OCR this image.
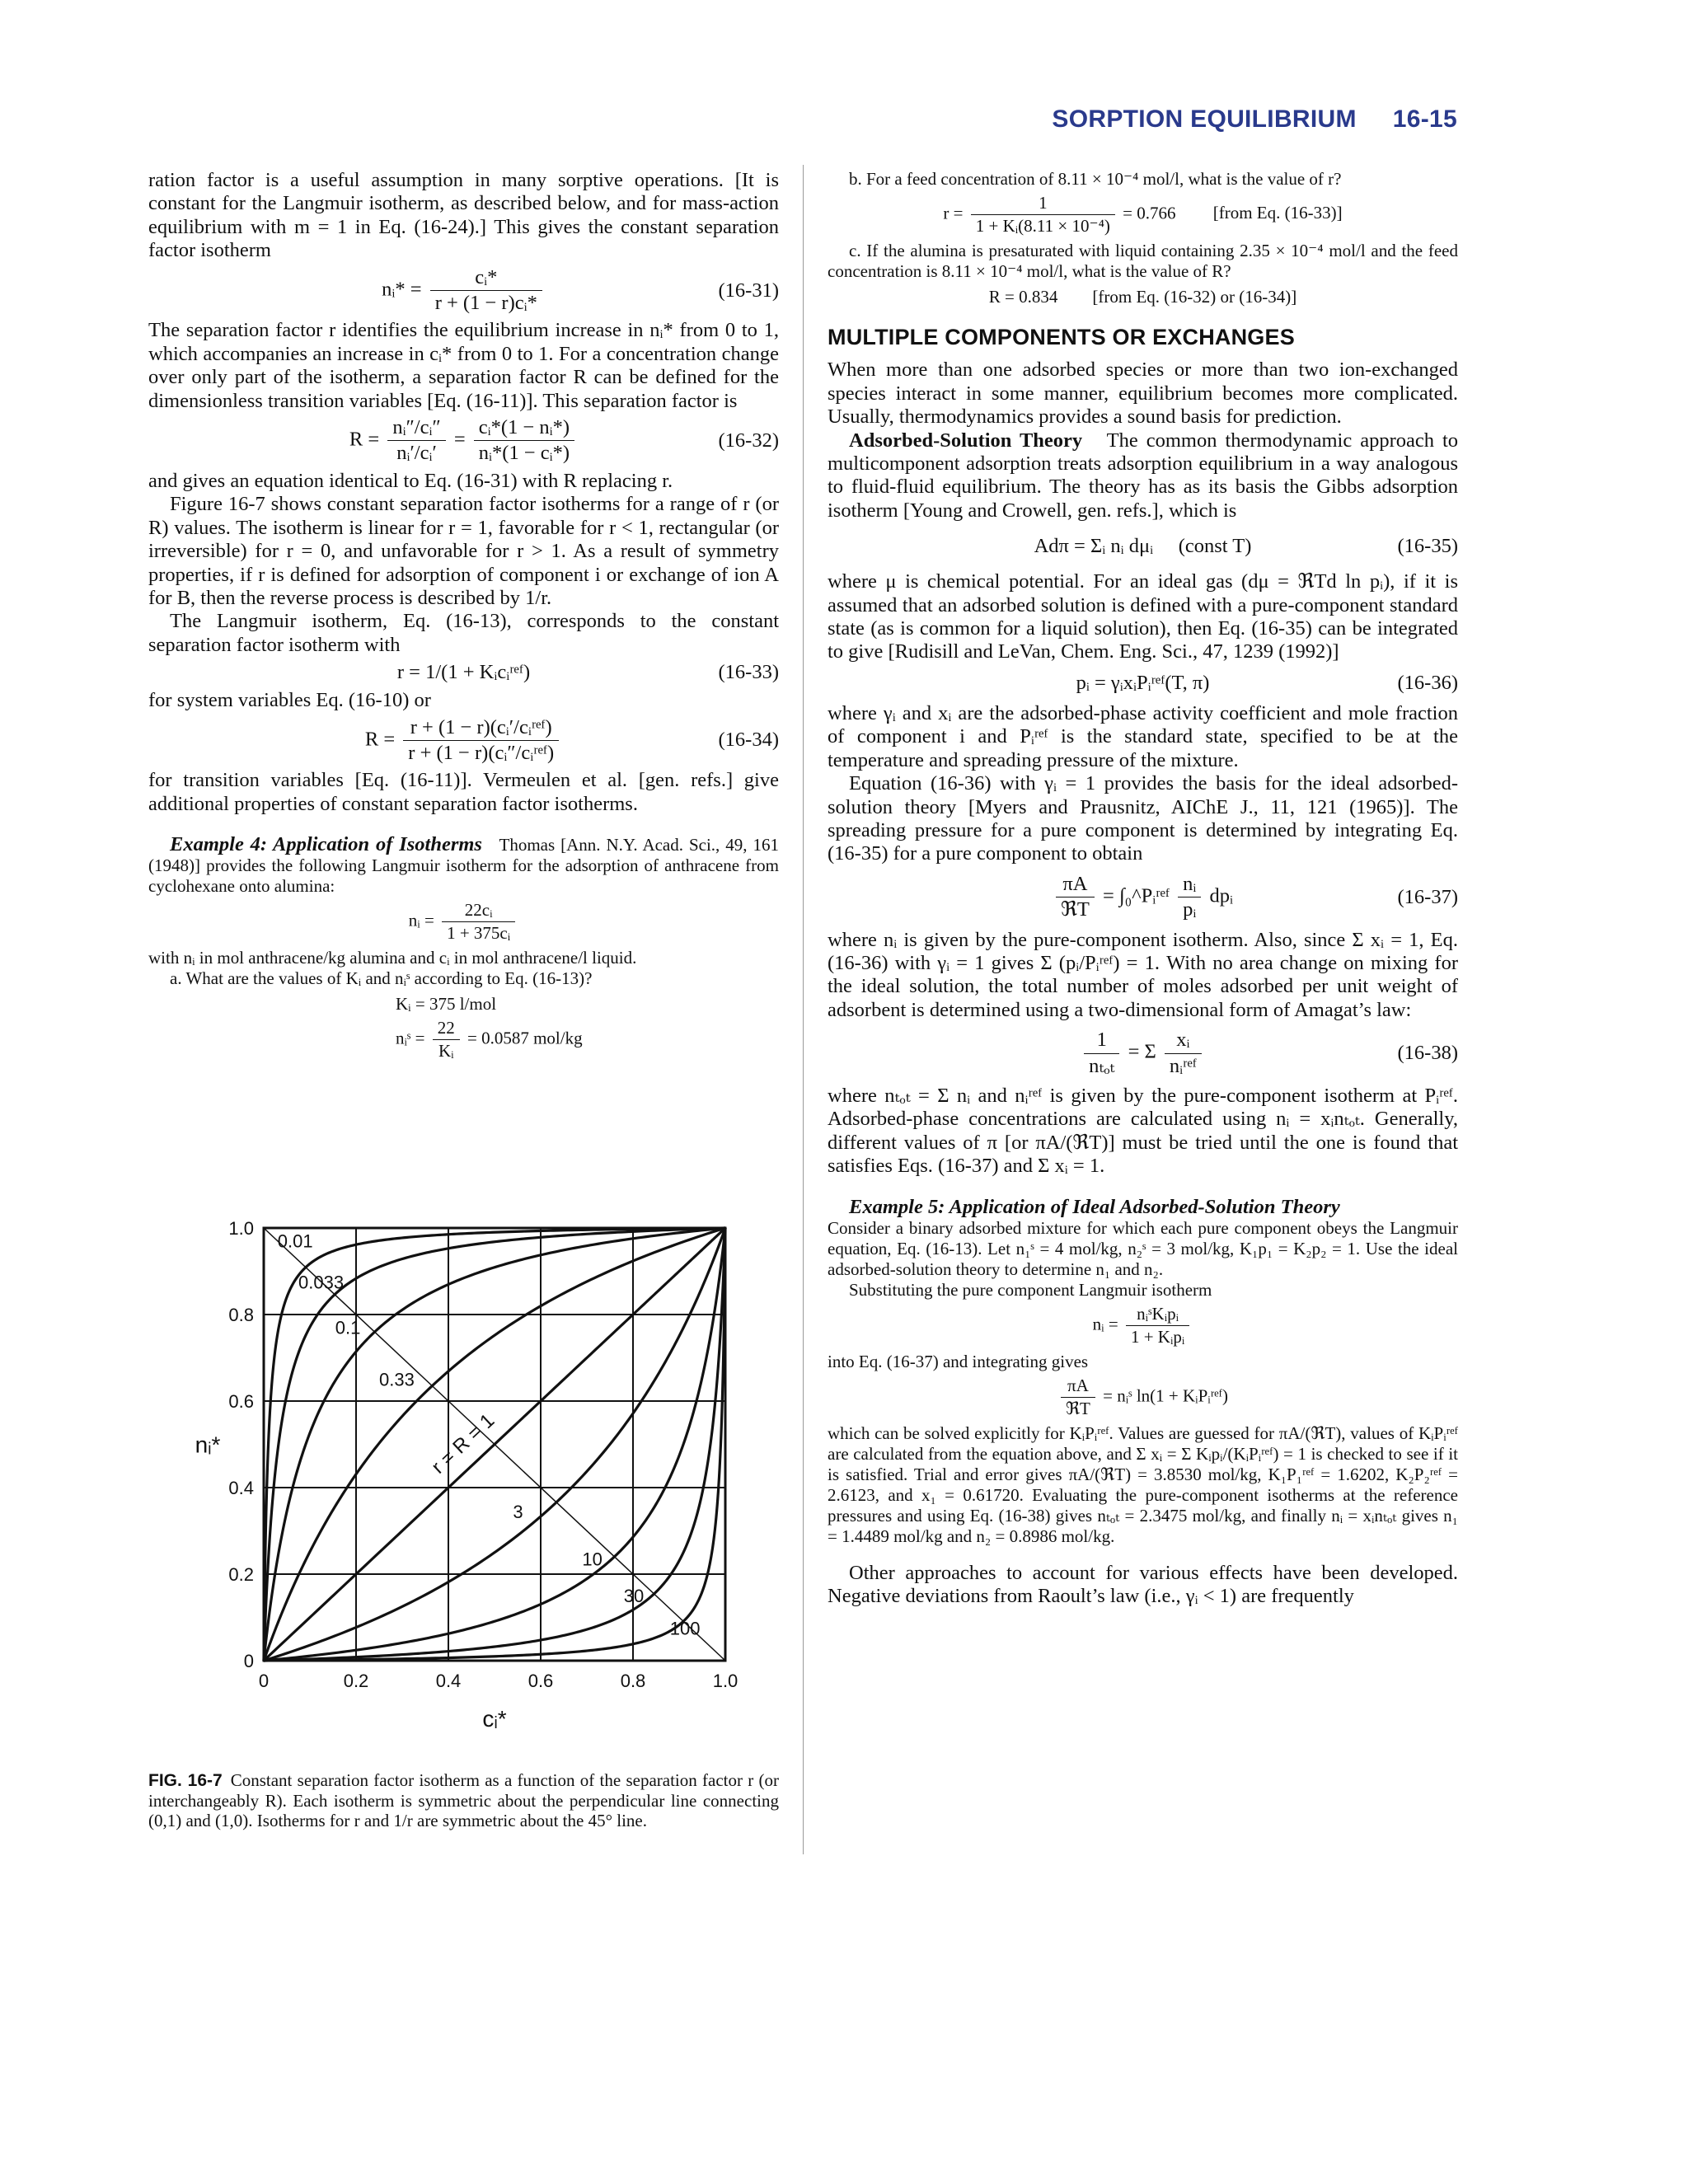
SORPTION EQUILIBRIUM 16-15

ration factor is a useful assumption in many sorptive operations. [It is constant for the Langmuir isotherm, as described below, and for mass-action equilibrium with m = 1 in Eq. (16-24).] This gives the constant separation factor isotherm

nᵢ* = $\frac{\text{cᵢ*}}{\text{r + (1 − r)cᵢ*}}$	(16-31)

The separation factor r identifies the equilibrium increase in nᵢ* from 0 to 1, which accompanies an increase in cᵢ* from 0 to 1. For a concentration change over only part of the isotherm, a separation factor R can be defined for the dimensionless transition variables [Eq. (16-11)]. This separation factor is

$R = \frac{\text{nᵢ″/cᵢ″}}{\text{nᵢ′/cᵢ′}} = \frac{\text{cᵢ*(1 − nᵢ*)}}{\text{nᵢ*(1 − cᵢ*)}}$	(16-32)

and gives an equation identical to Eq. (16-31) with R replacing r.

Figure 16-7 shows constant separation factor isotherms for a range of r (or R) values. The isotherm is linear for r = 1, favorable for r < 1, rectangular (or irreversible) for r = 0, and unfavorable for r > 1. As a result of symmetry properties, if r is defined for adsorption of component i or exchange of ion A for B, then the reverse process is described by 1/r.

The Langmuir isotherm, Eq. (16-13), corresponds to the constant separation factor isotherm with

r = 1/(1 + Kᵢcᵢʳᵉᶠ)	(16-33)

for system variables Eq. (16-10) or

$R = \frac{\text{r + (1 − r)(cᵢ′/cᵢʳᵉᶠ)}}{\text{r + (1 − r)(cᵢ″/cᵢʳᵉᶠ)}}$	(16-34)

for transition variables [Eq. (16-11)]. Vermeulen et al. [gen. refs.] give additional properties of constant separation factor isotherms.

Example 4: Application of Isotherms Thomas [Ann. N.Y. Acad. Sci., 49, 161 (1948)] provides the following Langmuir isotherm for the adsorption of anthracene from cyclohexane onto alumina:

nᵢ = $\frac{\text{22cᵢ}}{\text{1 + 375cᵢ}}$

with nᵢ in mol anthracene/kg alumina and cᵢ in mol anthracene/l liquid.

a. What are the values of Kᵢ and nᵢˢ according to Eq. (16-13)?

Kᵢ = 375 l/mol

nᵢˢ = $\frac{22}{\text{Kᵢ}} = 0.0587$ mol/kg
0	0.2	0.4	0.6	0.8	1.0
0
0.2
0.4
0.6
0.8
1.0
cᵢ*
nᵢ*
0.01
0.033
0.1
0.33
r = R = 1
3
10
30
100
FIG. 16-7 Constant separation factor isotherm as a function of the separation factor r (or interchangeably R). Each isotherm is symmetric about the perpendicular line connecting (0,1) and (1,0). Isotherms for r and 1/r are symmetric about the 45° line.

b. For a feed concentration of 8.11 × 10⁻⁴ mol/l, what is the value of r?

$r = \frac{1}{\text{1 + Kᵢ(8.11 × 10⁻⁴)}} = 0.766$ [from Eq. (16-33)]

c. If the alumina is presaturated with liquid containing 2.35 × 10⁻⁴ mol/l and the feed concentration is 8.11 × 10⁻⁴ mol/l, what is the value of R?

R = 0.834        [from Eq. (16-32) or (16-34)]

MULTIPLE COMPONENTS OR EXCHANGES

When more than one adsorbed species or more than two ion-exchanged species interact in some manner, equilibrium becomes more complicated. Usually, thermodynamics provides a sound basis for prediction.

Adsorbed-Solution Theory The common thermodynamic approach to multicomponent adsorption treats adsorption equilibrium in a way analogous to fluid-fluid equilibrium. The theory has as its basis the Gibbs adsorption isotherm [Young and Crowell, gen. refs.], which is

Adπ = Σᵢ nᵢ dμᵢ     (const T)	(16-35)

where μ is chemical potential. For an ideal gas (dμ = ℜTd ln pᵢ), if it is assumed that an adsorbed solution is defined with a pure-component standard state (as is common for a liquid solution), then Eq. (16-35) can be integrated to give [Rudisill and LeVan, Chem. Eng. Sci., 47, 1239 (1992)]

pᵢ = γᵢxᵢPᵢʳᵉᶠ(T, π)	(16-36)

where γᵢ and xᵢ are the adsorbed-phase activity coefficient and mole fraction of component i and Pᵢʳᵉᶠ is the standard state, specified to be at the temperature and spreading pressure of the mixture.

Equation (16-36) with γᵢ = 1 provides the basis for the ideal adsorbed-solution theory [Myers and Prausnitz, AIChE J., 11, 121 (1965)]. The spreading pressure for a pure component is determined by integrating Eq. (16-35) for a pure component to obtain

$\frac{\pi A}{\text{ℜT}}$ = ∫₀^Pᵢʳᵉᶠ $\frac{\text{nᵢ}}{\text{pᵢ}}$ dpᵢ	(16-37)

where nᵢ is given by the pure-component isotherm. Also, since Σ xᵢ = 1, Eq. (16-36) with γᵢ = 1 gives Σ (pᵢ/Pᵢʳᵉᶠ) = 1. With no area change on mixing for the ideal solution, the total number of moles adsorbed per unit weight of adsorbent is determined using a two-dimensional form of Amagat’s law:

$\frac{1}{\text{nₜₒₜ}} = \Sigma \frac{\text{xᵢ}}{\text{nᵢʳᵉᶠ}}$	(16-38)

where nₜₒₜ = Σ nᵢ and nᵢʳᵉᶠ is given by the pure-component isotherm at Pᵢʳᵉᶠ. Adsorbed-phase concentrations are calculated using nᵢ = xᵢnₜₒₜ. Generally, different values of π [or πA/(ℜT)] must be tried until the one is found that satisfies Eqs. (16-37) and Σ xᵢ = 1.

Example 5: Application of Ideal Adsorbed-Solution Theory

Consider a binary adsorbed mixture for which each pure component obeys the Langmuir equation, Eq. (16-13). Let n₁ˢ = 4 mol/kg, n₂ˢ = 3 mol/kg, K₁p₁ = K₂p₂ = 1. Use the ideal adsorbed-solution theory to determine n₁ and n₂.

Substituting the pure component Langmuir isotherm

nᵢ = $\frac{\text{nᵢˢKᵢpᵢ}}{\text{1 + Kᵢpᵢ}}$

into Eq. (16-37) and integrating gives

$\frac{\pi A}{\text{ℜT}}$ = nᵢˢ ln(1 + KᵢPᵢʳᵉᶠ)

which can be solved explicitly for KᵢPᵢʳᵉᶠ. Values are guessed for πA/(ℜT), values of KᵢPᵢʳᵉᶠ are calculated from the equation above, and Σ xᵢ = Σ Kᵢpᵢ/(KᵢPᵢʳᵉᶠ) = 1 is checked to see if it is satisfied. Trial and error gives πA/(ℜT) = 3.8530 mol/kg, K₁P₁ʳᵉᶠ = 1.6202, K₂P₂ʳᵉᶠ = 2.6123, and x₁ = 0.61720. Evaluating the pure-component isotherms at the reference pressures and using Eq. (16-38) gives nₜₒₜ = 2.3475 mol/kg, and finally nᵢ = xᵢnₜₒₜ gives n₁ = 1.4489 mol/kg and n₂ = 0.8986 mol/kg.

Other approaches to account for various effects have been developed. Negative deviations from Raoult’s law (i.e., γᵢ < 1) are frequently
